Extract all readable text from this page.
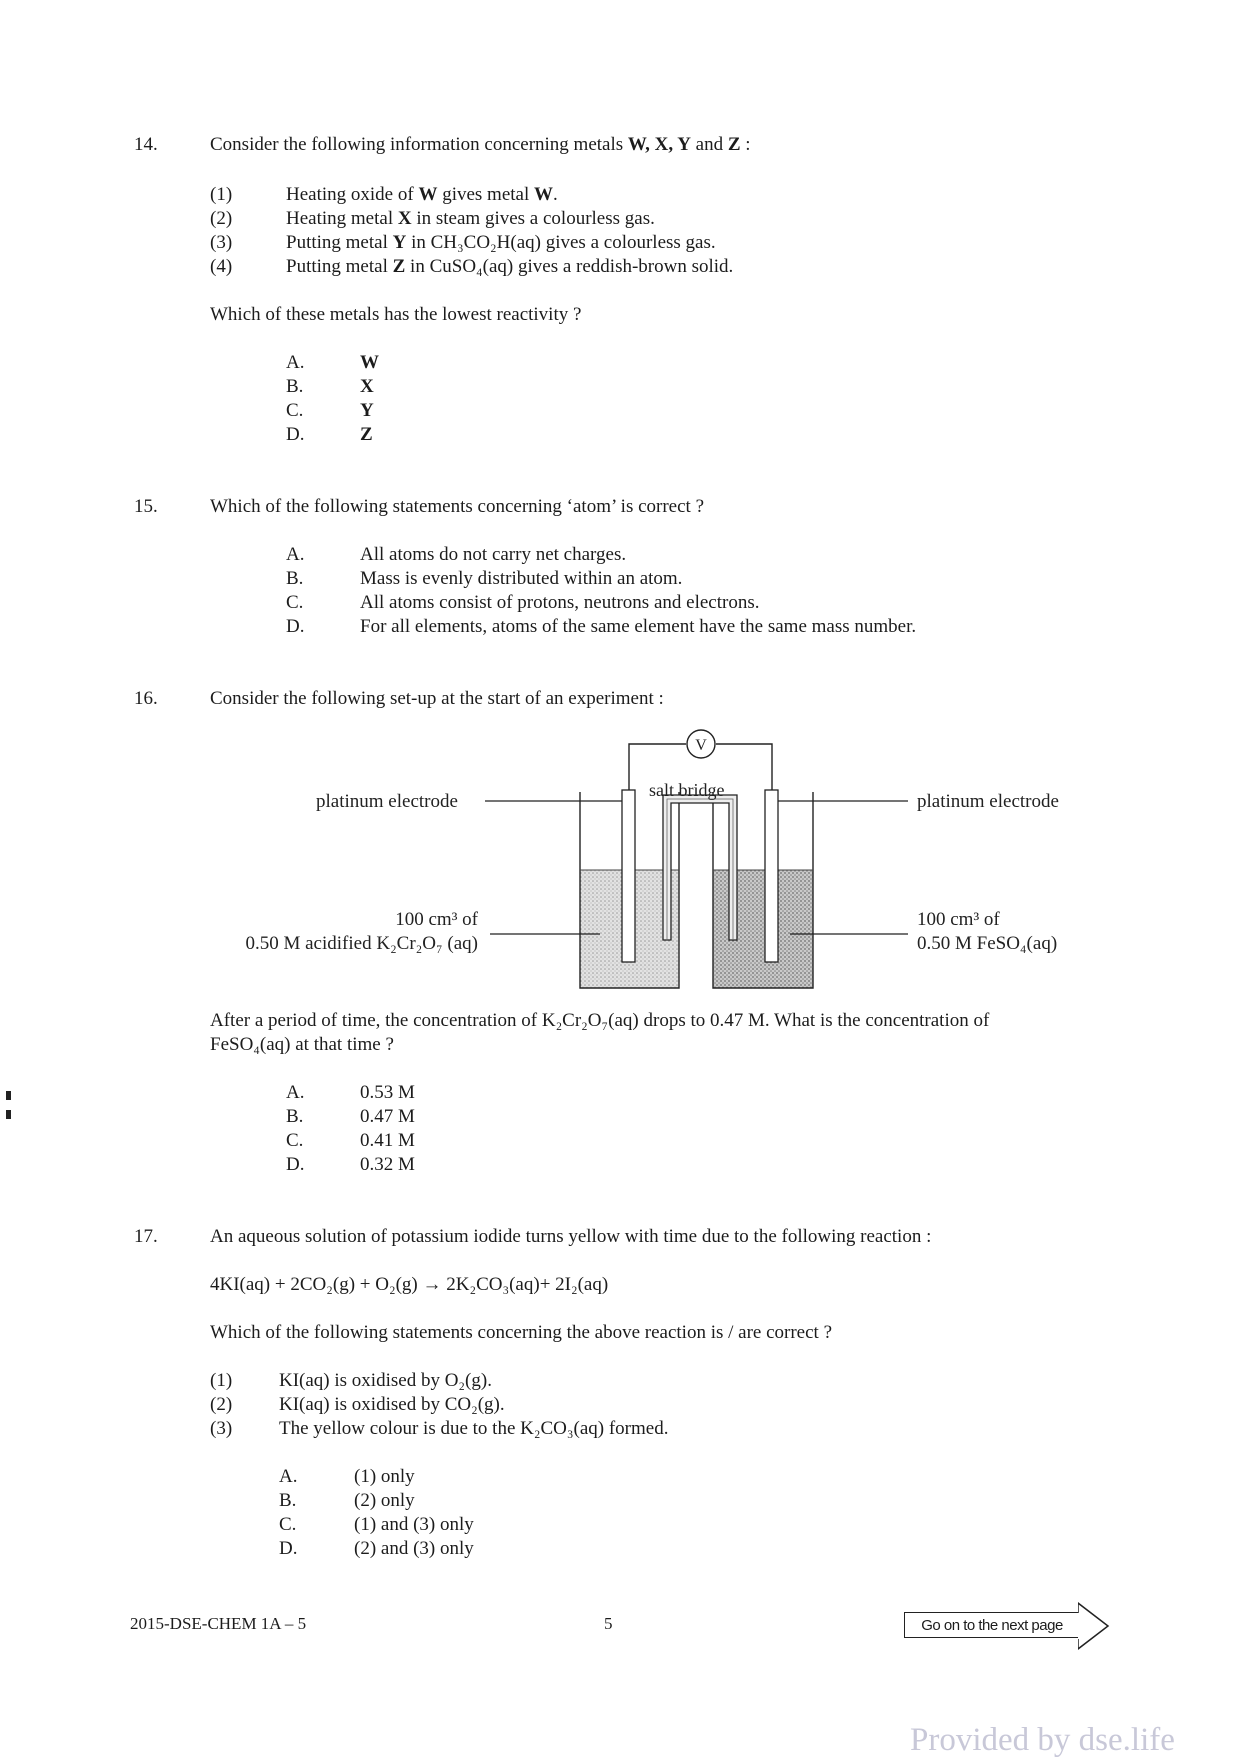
14.	Consider the following information concerning metals W, X, Y and Z :
(1)	Heating oxide of W gives metal W.
(2)	Heating metal X in steam gives a colourless gas.
(3)	Putting metal Y in CH₃CO₂H(aq) gives a colourless gas.
(4)	Putting metal Z in CuSO₄(aq) gives a reddish-brown solid.
Which of these metals has the lowest reactivity ?
A.	W
B.	X
C.	Y
D.	Z
15.	Which of the following statements concerning ‘atom’ is correct ?
A.	All atoms do not carry net charges.
B.	Mass is evenly distributed within an atom.
C.	All atoms consist of protons, neutrons and electrons.
D.	For all elements, atoms of the same element have the same mass number.
16.	Consider the following set-up at the start of an experiment :
V
salt bridge
platinum electrode	platinum electrode
100 cm³ of
0.50 M acidified K₂Cr₂O₇ (aq)
100 cm³ of
0.50 M FeSO₄(aq)
After a period of time, the concentration of K₂Cr₂O₇(aq) drops to 0.47 M. What is the concentration of
FeSO₄(aq) at that time ?
A.	0.53 M
B.	0.47 M
C.	0.41 M
D.	0.32 M
17.	An aqueous solution of potassium iodide turns yellow with time due to the following reaction :
4KI(aq) + 2CO₂(g) + O₂(g) → 2K₂CO₃(aq)+ 2I₂(aq)
Which of the following statements concerning the above reaction is / are correct ?
(1) KI(aq) is oxidised by O₂(g).
(2) KI(aq) is oxidised by CO₂(g).
(3) The yellow colour is due to the K₂CO₃(aq) formed.
A.	(1) only
B.	(2) only
C.	(1) and (3) only
D.	(2) and (3) only
2015-DSE-CHEM 1A – 5	5	Go on to the next page
Provided by dse.life
